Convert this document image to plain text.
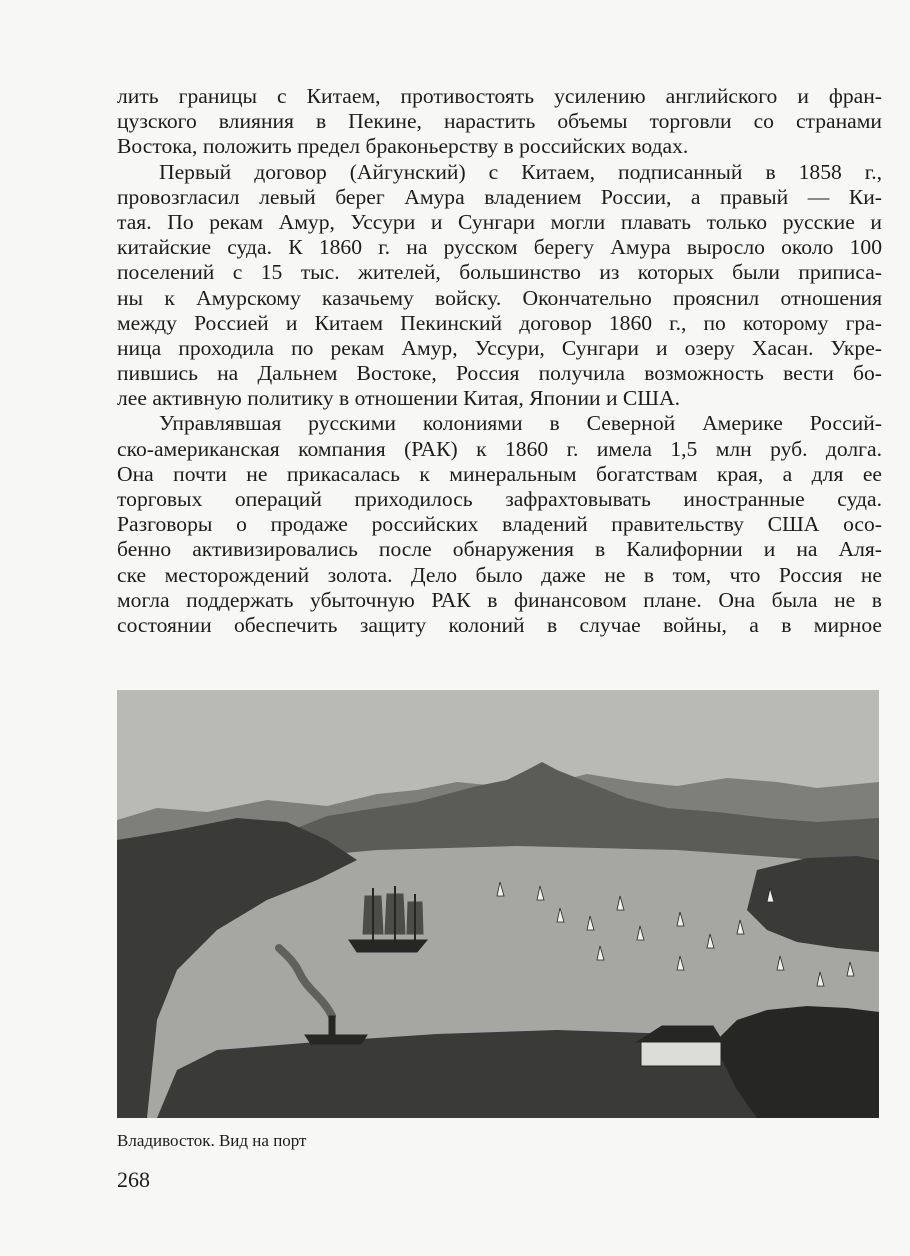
лить границы с Китаем, противостоять усилению английского и фран-
цузского влияния в Пекине, нарастить объемы торговли со странами
Востока, положить предел браконьерству в российских водах.
Первый договор (Айгунский) с Китаем, подписанный в 1858 г.,
провозгласил левый берег Амура владением России, а правый — Ки-
тая. По рекам Амур, Уссури и Сунгари могли плавать только русские и
китайские суда. К 1860 г. на русском берегу Амура выросло около 100
поселений с 15 тыс. жителей, большинство из которых были приписа-
ны к Амурскому казачьему войску. Окончательно прояснил отношения
между Россией и Китаем Пекинский договор 1860 г., по которому гра-
ница проходила по рекам Амур, Уссури, Сунгари и озеру Хасан. Укре-
пившись на Дальнем Востоке, Россия получила возможность вести бо-
лее активную политику в отношении Китая, Японии и США.
Управлявшая русскими колониями в Северной Америке Россий-
ско-американская компания (РАК) к 1860 г. имела 1,5 млн руб. долга.
Она почти не прикасалась к минеральным богатствам края, а для ее
торговых операций приходилось зафрахтовывать иностранные суда.
Разговоры о продаже российских владений правительству США осо-
бенно активизировались после обнаружения в Калифорнии и на Аля-
ске месторождений золота. Дело было даже не в том, что Россия не
могла поддержать убыточную РАК в финансовом плане. Она была не в
состоянии обеспечить защиту колоний в случае войны, а в мирное
Владивосток. Вид на порт
268
